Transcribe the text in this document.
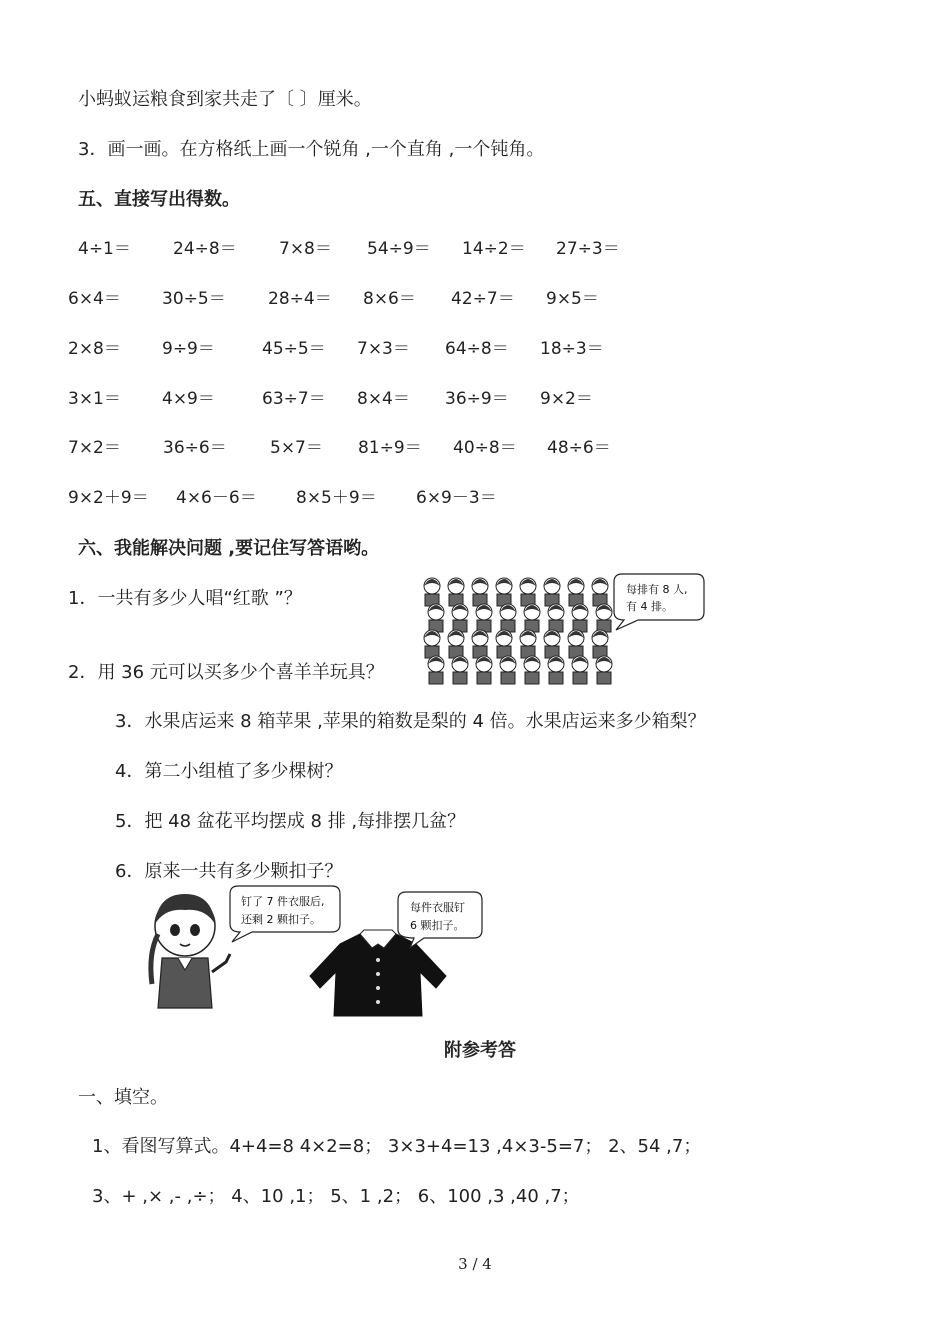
小蚂蚁运粮食到家共走了〔 〕厘米。
3．画一画。在方格纸上画一个锐角 ,一个直角 ,一个钝角。
五、直接写出得数。
4÷1＝ 24÷8＝ 7×8＝ 54÷9＝ 14÷2＝ 27÷3＝
6×4＝ 30÷5＝ 28÷4＝ 8×6＝ 42÷7＝ 9×5＝
2×8＝ 9÷9＝	45÷5＝ 7×3＝ 64÷8＝ 18÷3＝
3×1＝ 4×9＝	63÷7＝ 8×4＝ 36÷9＝ 9×2＝
7×2＝ 36÷6＝	5×7＝ 81÷9＝ 40÷8＝ 48÷6＝
9×2＋9＝ 4×6－6＝ 8×5＋9＝ 6×9－3＝
六、我能解决问题 ,要记住写答语哟。
1．一共有多少人唱“红歌 ”？
2．用 36 元可以买多少个喜羊羊玩具？
每排有 8 人,
有 4 排。
3．水果店运来 8 箱苹果 ,苹果的箱数是梨的 4 倍。水果店运来多少箱梨？
4．第二小组植了多少棵树？
5．把 48 盆花平均摆成 8 排 ,每排摆几盆？
6．原来一共有多少颗扣子？
钉了 7 件衣服后,
还剩 2 颗扣子。
每件衣服钉
6 颗扣子。
附参考答
一、填空。
1、看图写算式。4+4=8 4×2=8； 3×3+4=13 ,4×3-5=7； 2、54 ,7；
3、+ ,× ,- ,÷； 4、10 ,1； 5、1 ,2； 6、100 ,3 ,40 ,7；
3 / 4
